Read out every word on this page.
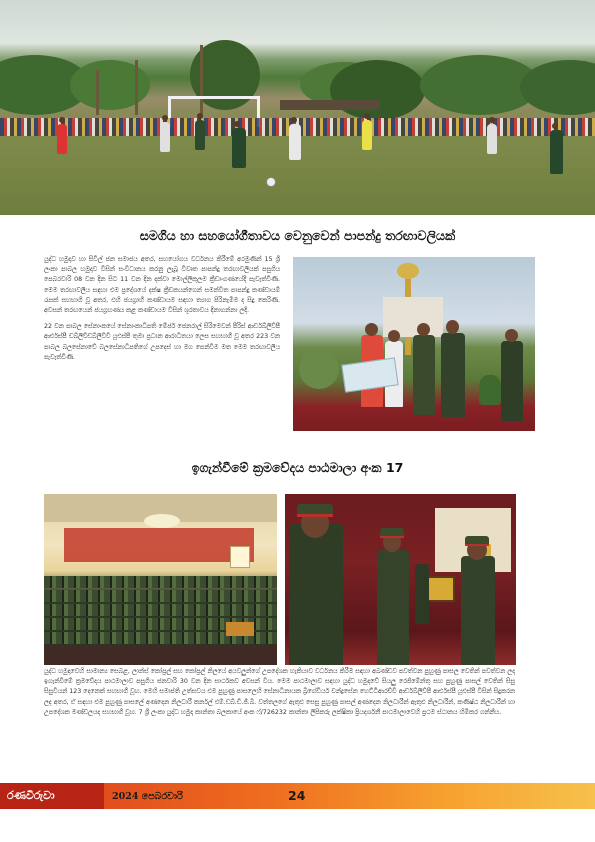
සමගිය හා සහයෝගීතාවය වෙනුවෙන් පාපන්දු තරඟාවලියක්

යුද්ධ හමුදාව හා සිවිල් ජන සමාජය අතර, සහයෝගය වර්ධනය කිරීමේ අරමුණින් 15 ශ්‍රී ලංකා පාබල හමුදාව විසින් සංවිධානය කරනු ලැබූ විවෘත පාපන්දු තරඟාවලියක් පසුගිය පෙබරවාරි 08 වන දින සිට 11 වන දින දක්වා මොල්ලිකුලම ක්‍රීඩාංගණයේදී පැවැත්විණි. මෙම තරඟාවලිය සඳහා එම ප්‍රදේශයේ දක්ෂ ක්‍රීඩකයන්ගෙන් සමන්විත පාපන්දු කණ්ඩායම් රැසක් සහභාගි වූ අතර, එහි ජයග්‍රාහී කණ්ඩායම සඳහා ත්‍යාග පිරිනැමීම ද සිදු කෙරිණි. අවසන් තරඟයෙන් ජයග්‍රහණය කළ කණ්ඩායම විසින් ශූරතාවය දිනාගන්නා ලදි.

22 වන පාබල සේනාංකයේ සේනාංකාධිපති මේජර් ජෙනරාල් සිරිමෙවන් පීරිස් ආර්ඩබ්ලිව්පී ආර්එස්පී ඩබ්ලිව්ඩබ්ලිව්වී යූඑස්පී තුමා ප්‍රධාන ආරාධිතයා ලෙස සහභාගී වූ අතර 223 වන පාබල බලසේනාවේ බලසේනාධිපතිගේ උපදෙස් හා මග පෙන්වීම මත මෙම තරඟාවලිය පැවැත්විණි.

ඉගැන්වීමේ ක්‍රමවේදය පාඨමාලා අංක 17

යුද්ධ හමුදාවෙහි සාමාන්‍ය සෙබළ, ලාන්ස් කෝප්‍රල් සහ කෝප්‍රල් නිලයේ අයවලුන්ගේ උපදේශක හැකියාව වර්ධනය කිරීම සඳහා අඛණ්ඩව පවත්වන පුහුණු පාසල වෙතින් පවත්වන ලද ඉගැන්වීමේ ක්‍රමවේදය පාඨමාලාව පසුගිය ජනවාරි 30 වන දින සාර්ථකව අවසන් විය. මෙම පාඨමාලාව සඳහා යුද්ධ හමුදාවේ සියලු රෙජිමේන්තු සහ පුහුණු පාසල් වෙතින් සිසු සිසුවියන් 123 දෙනෙක් සහභාගී වූහ. මෙහි සමාප්ති උත්සවය එම පුහුණු පාසලෙහි සේනාධිනායක බ්‍රිගේඩියර් චන්ද්‍රසේන හෙට්ටිආරච්චි ආර්ඩබ්ලිව්පී ආර්එස්පී යූඑස්පී විසින් සිදුකරන ලද අතර, ඒ සඳහා එම පුහුණු පාසලේ අණදෙන නිලධාරී කර්නල් එම්.ඩබ්.ඩී.ජී.බී. වත්තලගේ ඇතුළු සෙසු පුහුණු පාසල් අණදෙන නිලධාරීන් ඇතුළු නිලධාරීන්, කණිෂ්ඨ නිලධාරීන් හා උපදේශක මණ්ඩලයද සහභාගී වූහ. 7 ශ්‍රී ලංකා යුද්ධ හමුදා කාන්තා බලකායේ අංක ෆ්/726232 කාන්තා ලිපිකරු ලක්ෂිකා ප්‍රියදර්ශනී පාඨමාලාවෙහි ප්‍රථම ස්ථානය හිමිකර ගන්නීය.

රණවිරුවා	2024 පෙබරවාරි	24
